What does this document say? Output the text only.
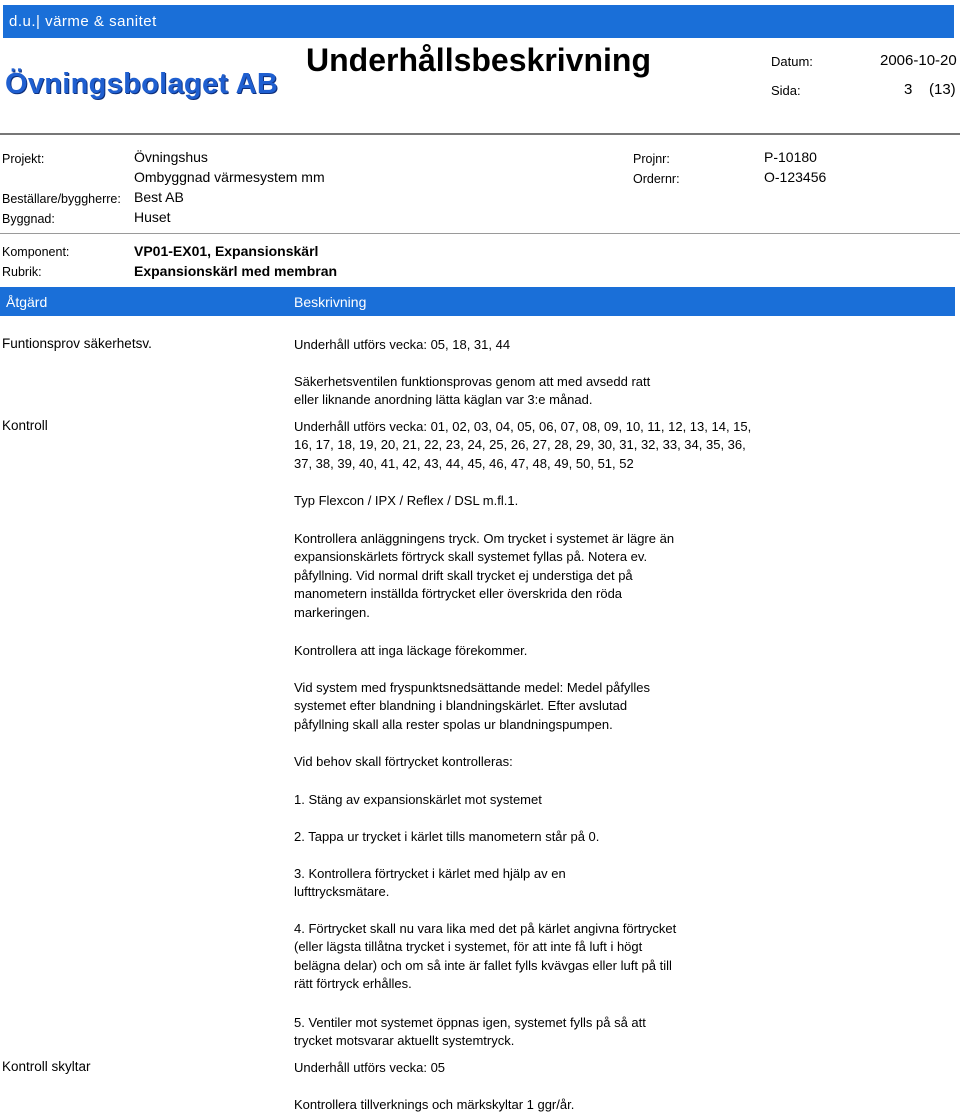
d.u.| värme & sanitet
Underhållsbeskrivning
Övningsbolaget AB
Datum:	2006-10-20
Sida:	3 (13)
Projekt:	Övningshus
Ombyggnad värmesystem mm
Beställare/byggherre: Best AB
Byggnad:	Huset
Projnr:	P-10180
Ordernr:	O-123456
Komponent:	VP01-EX01, Expansionskärl
Rubrik:	Expansionskärl med membran
Åtgärd	Beskrivning
Funtionsprov säkerhetsv.	Underhåll utförs vecka: 05, 18, 31, 44
Säkerhetsventilen funktionsprovas genom att med avsedd ratt
eller liknande anordning lätta käglan var 3:e månad.
Kontroll	Underhåll utförs vecka: 01, 02, 03, 04, 05, 06, 07, 08, 09, 10, 11, 12, 13, 14, 15,
16, 17, 18, 19, 20, 21, 22, 23, 24, 25, 26, 27, 28, 29, 30, 31, 32, 33, 34, 35, 36,
37, 38, 39, 40, 41, 42, 43, 44, 45, 46, 47, 48, 49, 50, 51, 52
Typ Flexcon / IPX / Reflex / DSL m.fl.1.
Kontrollera anläggningens tryck. Om trycket i systemet är lägre än
expansionskärlets förtryck skall systemet fyllas på. Notera ev.
påfyllning. Vid normal drift skall trycket ej understiga det på
manometern inställda förtrycket eller överskrida den röda
markeringen.
Kontrollera att inga läckage förekommer.
Vid system med fryspunktsnedsättande medel: Medel påfylles
systemet efter blandning i blandningskärlet. Efter avslutad
påfyllning skall alla rester spolas ur blandningspumpen.
Vid behov skall förtrycket kontrolleras:
1. Stäng av expansionskärlet mot systemet
2. Tappa ur trycket i kärlet tills manometern står på 0.
3. Kontrollera förtrycket i kärlet med hjälp av en
lufttrycksmätare.
4. Förtrycket skall nu vara lika med det på kärlet angivna förtrycket
(eller lägsta tillåtna trycket i systemet, för att inte få luft i högt
belägna delar) och om så inte är fallet fylls kvävgas eller luft på till
rätt förtryck erhålles.
5. Ventiler mot systemet öppnas igen, systemet fylls på så att
trycket motsvarar aktuellt systemtryck.
Kontroll skyltar	Underhåll utförs vecka: 05
Kontrollera tillverknings och märkskyltar 1 ggr/år.
